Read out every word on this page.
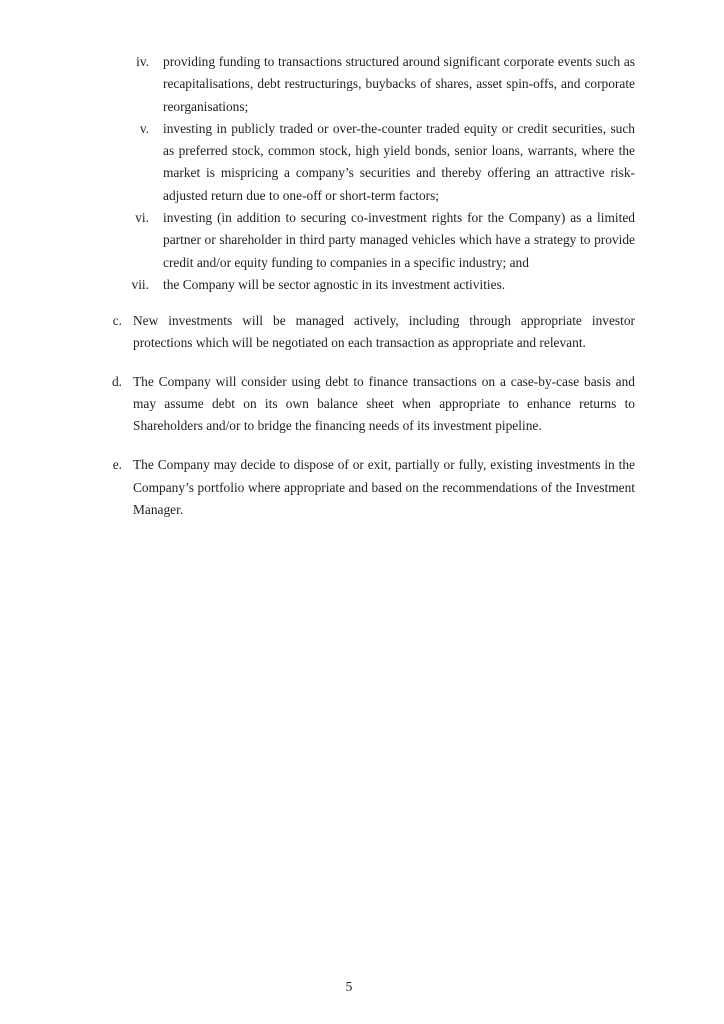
iv. providing funding to transactions structured around significant corporate events such as recapitalisations, debt restructurings, buybacks of shares, asset spin-offs, and corporate reorganisations;
v. investing in publicly traded or over-the-counter traded equity or credit securities, such as preferred stock, common stock, high yield bonds, senior loans, warrants, where the market is mispricing a company’s securities and thereby offering an attractive risk-adjusted return due to one-off or short-term factors;
vi. investing (in addition to securing co-investment rights for the Company) as a limited partner or shareholder in third party managed vehicles which have a strategy to provide credit and/or equity funding to companies in a specific industry; and
vii. the Company will be sector agnostic in its investment activities.
c. New investments will be managed actively, including through appropriate investor protections which will be negotiated on each transaction as appropriate and relevant.
d. The Company will consider using debt to finance transactions on a case-by-case basis and may assume debt on its own balance sheet when appropriate to enhance returns to Shareholders and/or to bridge the financing needs of its investment pipeline.
e. The Company may decide to dispose of or exit, partially or fully, existing investments in the Company’s portfolio where appropriate and based on the recommendations of the Investment Manager.
5
